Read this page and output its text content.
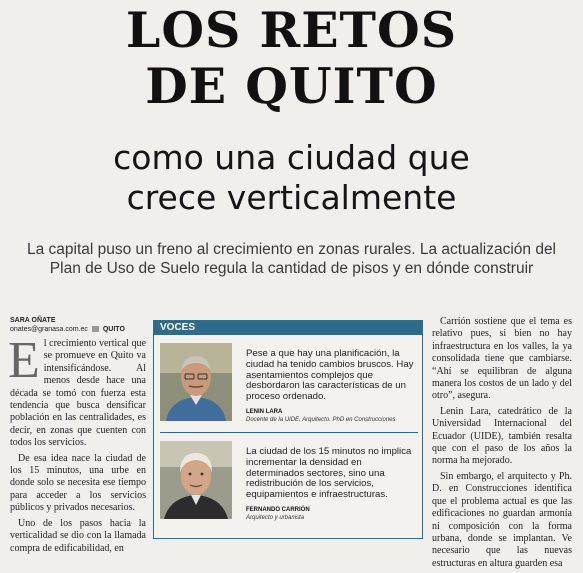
LOS RETOS
DE QUITO
como una ciudad que
crece verticalmente
La capital puso un freno al crecimiento en zonas rurales. La actualización del Plan de Uso de Suelo regula la cantidad de pisos y en dónde construir
SARA OÑATE
onates@granasa.com.ec QUITO
E l crecimiento vertical que se promueve en Quito va intensificándose. Al menos desde hace una década se tomó con fuerza esta tendencia que busca densificar población en las centralidades, es decir, en zonas que cuenten con todos los servicios.

De esa idea nace la ciudad de los 15 minutos, una urbe en donde solo se necesita ese tiempo para acceder a los servicios públicos y privados necesarios.

Uno de los pasos hacia la verticalidad se dio con la llamada compra de edificabilidad, en

VOCES
Pese a que hay una planificación, la ciudad ha tenido cambios bruscos. Hay asentamientos complejos que desbordaron las características de un proceso ordenado.
LENIN LARA
Docente de la UIDE. Arquitecto. PhD en Construcciones
La ciudad de los 15 minutos no implica incrementar la densidad en determinados sectores, sino una redistribución de los servicios, equipamientos e infraestructuras.
FERNANDO CARRIÓN
Arquitecto y urbanista

Carrión sostiene que el tema es relativo pues, si bien no hay infraestructura en los valles, la ya consolidada tiene que cambiarse. “Ahí se equilibran de alguna manera los costos de un lado y del otro”, asegura.

Lenin Lara, catedrático de la Universidad Internacional del Ecuador (UIDE), también resalta que con el paso de los años la norma ha mejorado.

Sin embargo, el arquitecto y Ph. D. en Construcciones identifica que el problema actual es que las edificaciones no guardan armonía ni composición con la forma urbana, donde se implantan. Ve necesario que las nuevas estructuras en altura guarden esa
